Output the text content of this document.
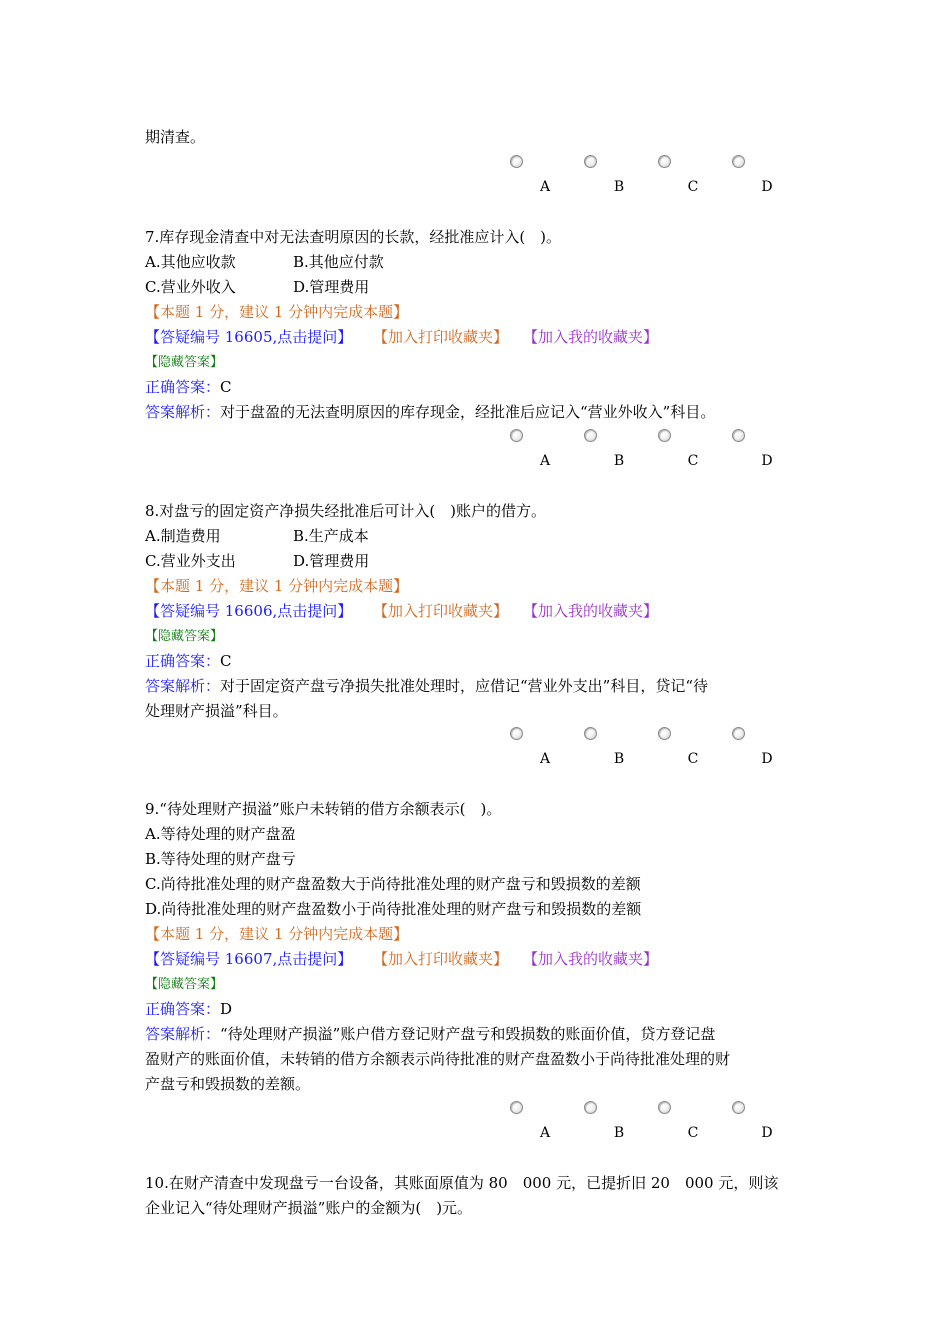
期清查。
A	B	C	D
7.库存现金清查中对无法查明原因的长款，经批准应计入(　)。
A.其他应收款	B.其他应付款
C.营业外收入	D.管理费用
【本题 1 分，建议 1 分钟内完成本题】
【答疑编号 16605,点击提问】 【加入打印收藏夹】 【加入我的收藏夹】
【隐藏答案】
正确答案：C
答案解析：对于盘盈的无法查明原因的库存现金，经批准后应记入“营业外收入”科目。
A	B	C	D
8.对盘亏的固定资产净损失经批准后可计入(　)账户的借方。
A.制造费用	B.生产成本
C.营业外支出	D.管理费用
【本题 1 分，建议 1 分钟内完成本题】
【答疑编号 16606,点击提问】 【加入打印收藏夹】 【加入我的收藏夹】
【隐藏答案】
正确答案：C
答案解析：对于固定资产盘亏净损失批准处理时，应借记“营业外支出”科目，贷记“待
处理财产损溢”科目。
A	B	C	D
9.“待处理财产损溢”账户未转销的借方余额表示(　)。
A.等待处理的财产盘盈
B.等待处理的财产盘亏
C.尚待批准处理的财产盘盈数大于尚待批准处理的财产盘亏和毁损数的差额
D.尚待批准处理的财产盘盈数小于尚待批准处理的财产盘亏和毁损数的差额
【本题 1 分，建议 1 分钟内完成本题】
【答疑编号 16607,点击提问】 【加入打印收藏夹】 【加入我的收藏夹】
【隐藏答案】
正确答案：D
答案解析：“待处理财产损溢”账户借方登记财产盘亏和毁损数的账面价值，贷方登记盘
盈财产的账面价值，未转销的借方余额表示尚待批准的财产盘盈数小于尚待批准处理的财
产盘亏和毁损数的差额。
A	B	C	D
10.在财产清查中发现盘亏一台设备，其账面原值为 80　000 元，已提折旧 20　000 元，则该
企业记入“待处理财产损溢”账户的金额为(　)元。
